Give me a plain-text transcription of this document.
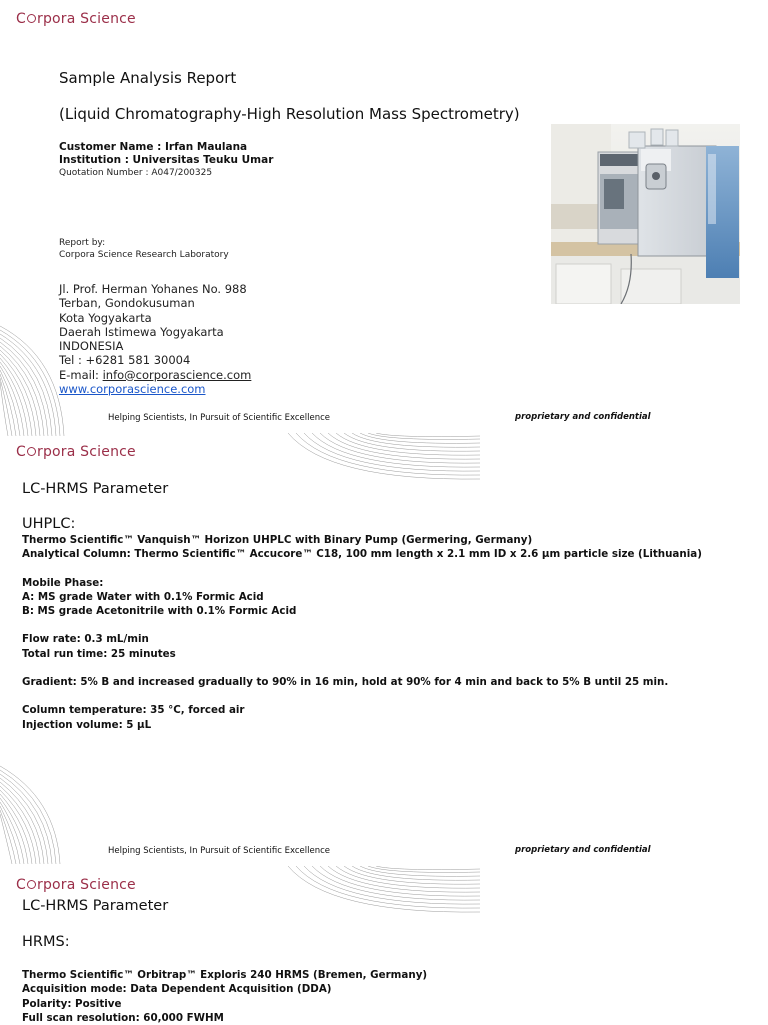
C rpora Science
Sample Analysis Report
(Liquid Chromatography-High Resolution Mass Spectrometry)
Customer Name : Irfan Maulana
Institution : Universitas Teuku Umar
Quotation Number : A047/200325
Report by:
Corpora Science Research Laboratory
Jl. Prof. Herman Yohanes No. 988
Terban, Gondokusuman
Kota Yogyakarta
Daerah Istimewa Yogyakarta
INDONESIA
Tel : +6281 581 30004
E-mail: info@corporascience.com
www.corporascience.com
Helping Scientists, In Pursuit of Scientific Excellence	proprietary and confidential
C rpora Science
LC-HRMS Parameter
UHPLC:
Thermo Scientific™ Vanquish™ Horizon UHPLC with Binary Pump (Germering, Germany)
Analytical Column: Thermo Scientific™ Accucore™ C18, 100 mm length x 2.1 mm ID x 2.6 µm particle size (Lithuania)
Mobile Phase:
A: MS grade Water with 0.1% Formic Acid
B: MS grade Acetonitrile with 0.1% Formic Acid
Flow rate: 0.3 mL/min
Total run time: 25 minutes
Gradient: 5% B and increased gradually to 90% in 16 min, hold at 90% for 4 min and back to 5% B until 25 min.
Column temperature: 35 °C, forced air
Injection volume: 5 µL
Helping Scientists, In Pursuit of Scientific Excellence	proprietary and confidential
C rpora Science
LC-HRMS Parameter
HRMS:
Thermo Scientific™ Orbitrap™ Exploris 240 HRMS (Bremen, Germany)
Acquisition mode: Data Dependent Acquisition (DDA)
Polarity: Positive
Full scan resolution: 60,000 FWHM
